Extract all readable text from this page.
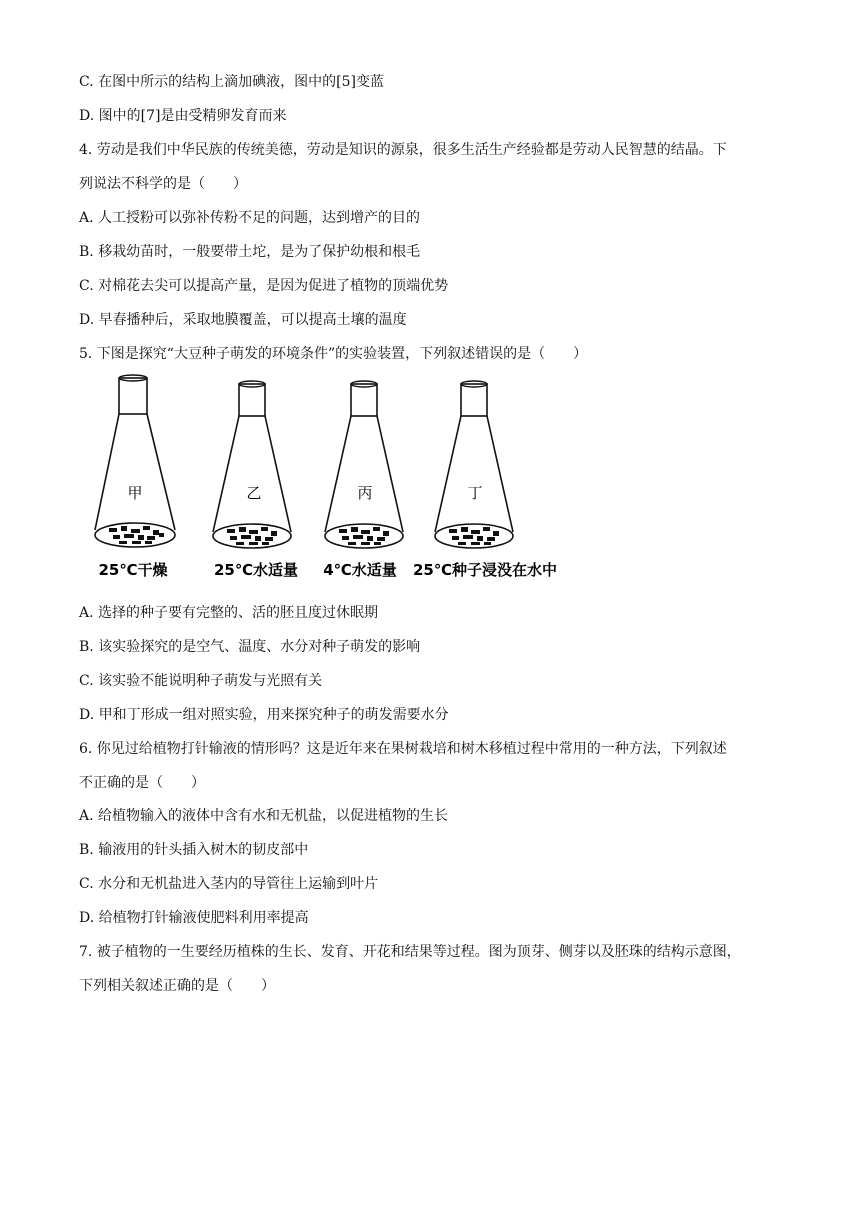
C. 在图中所示的结构上滴加碘液，图中的[5]变蓝
D. 图中的[7]是由受精卵发育而来
4. 劳动是我们中华民族的传统美德，劳动是知识的源泉，很多生活生产经验都是劳动人民智慧的结晶。下
列说法不科学的是（　　）
A. 人工授粉可以弥补传粉不足的问题，达到增产的目的
B. 移栽幼苗时，一般要带土坨，是为了保护幼根和根毛
C. 对棉花去尖可以提高产量，是因为促进了植物的顶端优势
D. 早春播种后，采取地膜覆盖，可以提高土壤的温度
5. 下图是探究“大豆种子萌发的环境条件”的实验装置，下列叙述错误的是（　　）
甲
25℃干燥
乙
25℃水适量
丙
4℃水适量
丁
25℃种子浸没在水中
A. 选择的种子要有完整的、活的胚且度过休眠期
B. 该实验探究的是空气、温度、水分对种子萌发的影响
C. 该实验不能说明种子萌发与光照有关
D. 甲和丁形成一组对照实验，用来探究种子的萌发需要水分
6. 你见过给植物打针输液的情形吗？这是近年来在果树栽培和树木移植过程中常用的一种方法，下列叙述
不正确的是（　　）
A. 给植物输入的液体中含有水和无机盐，以促进植物的生长
B. 输液用的针头插入树木的韧皮部中
C. 水分和无机盐进入茎内的导管往上运输到叶片
D. 给植物打针输液使肥料利用率提高
7. 被子植物的一生要经历植株的生长、发育、开花和结果等过程。图为顶芽、侧芽以及胚珠的结构示意图，
下列相关叙述正确的是（　　）
